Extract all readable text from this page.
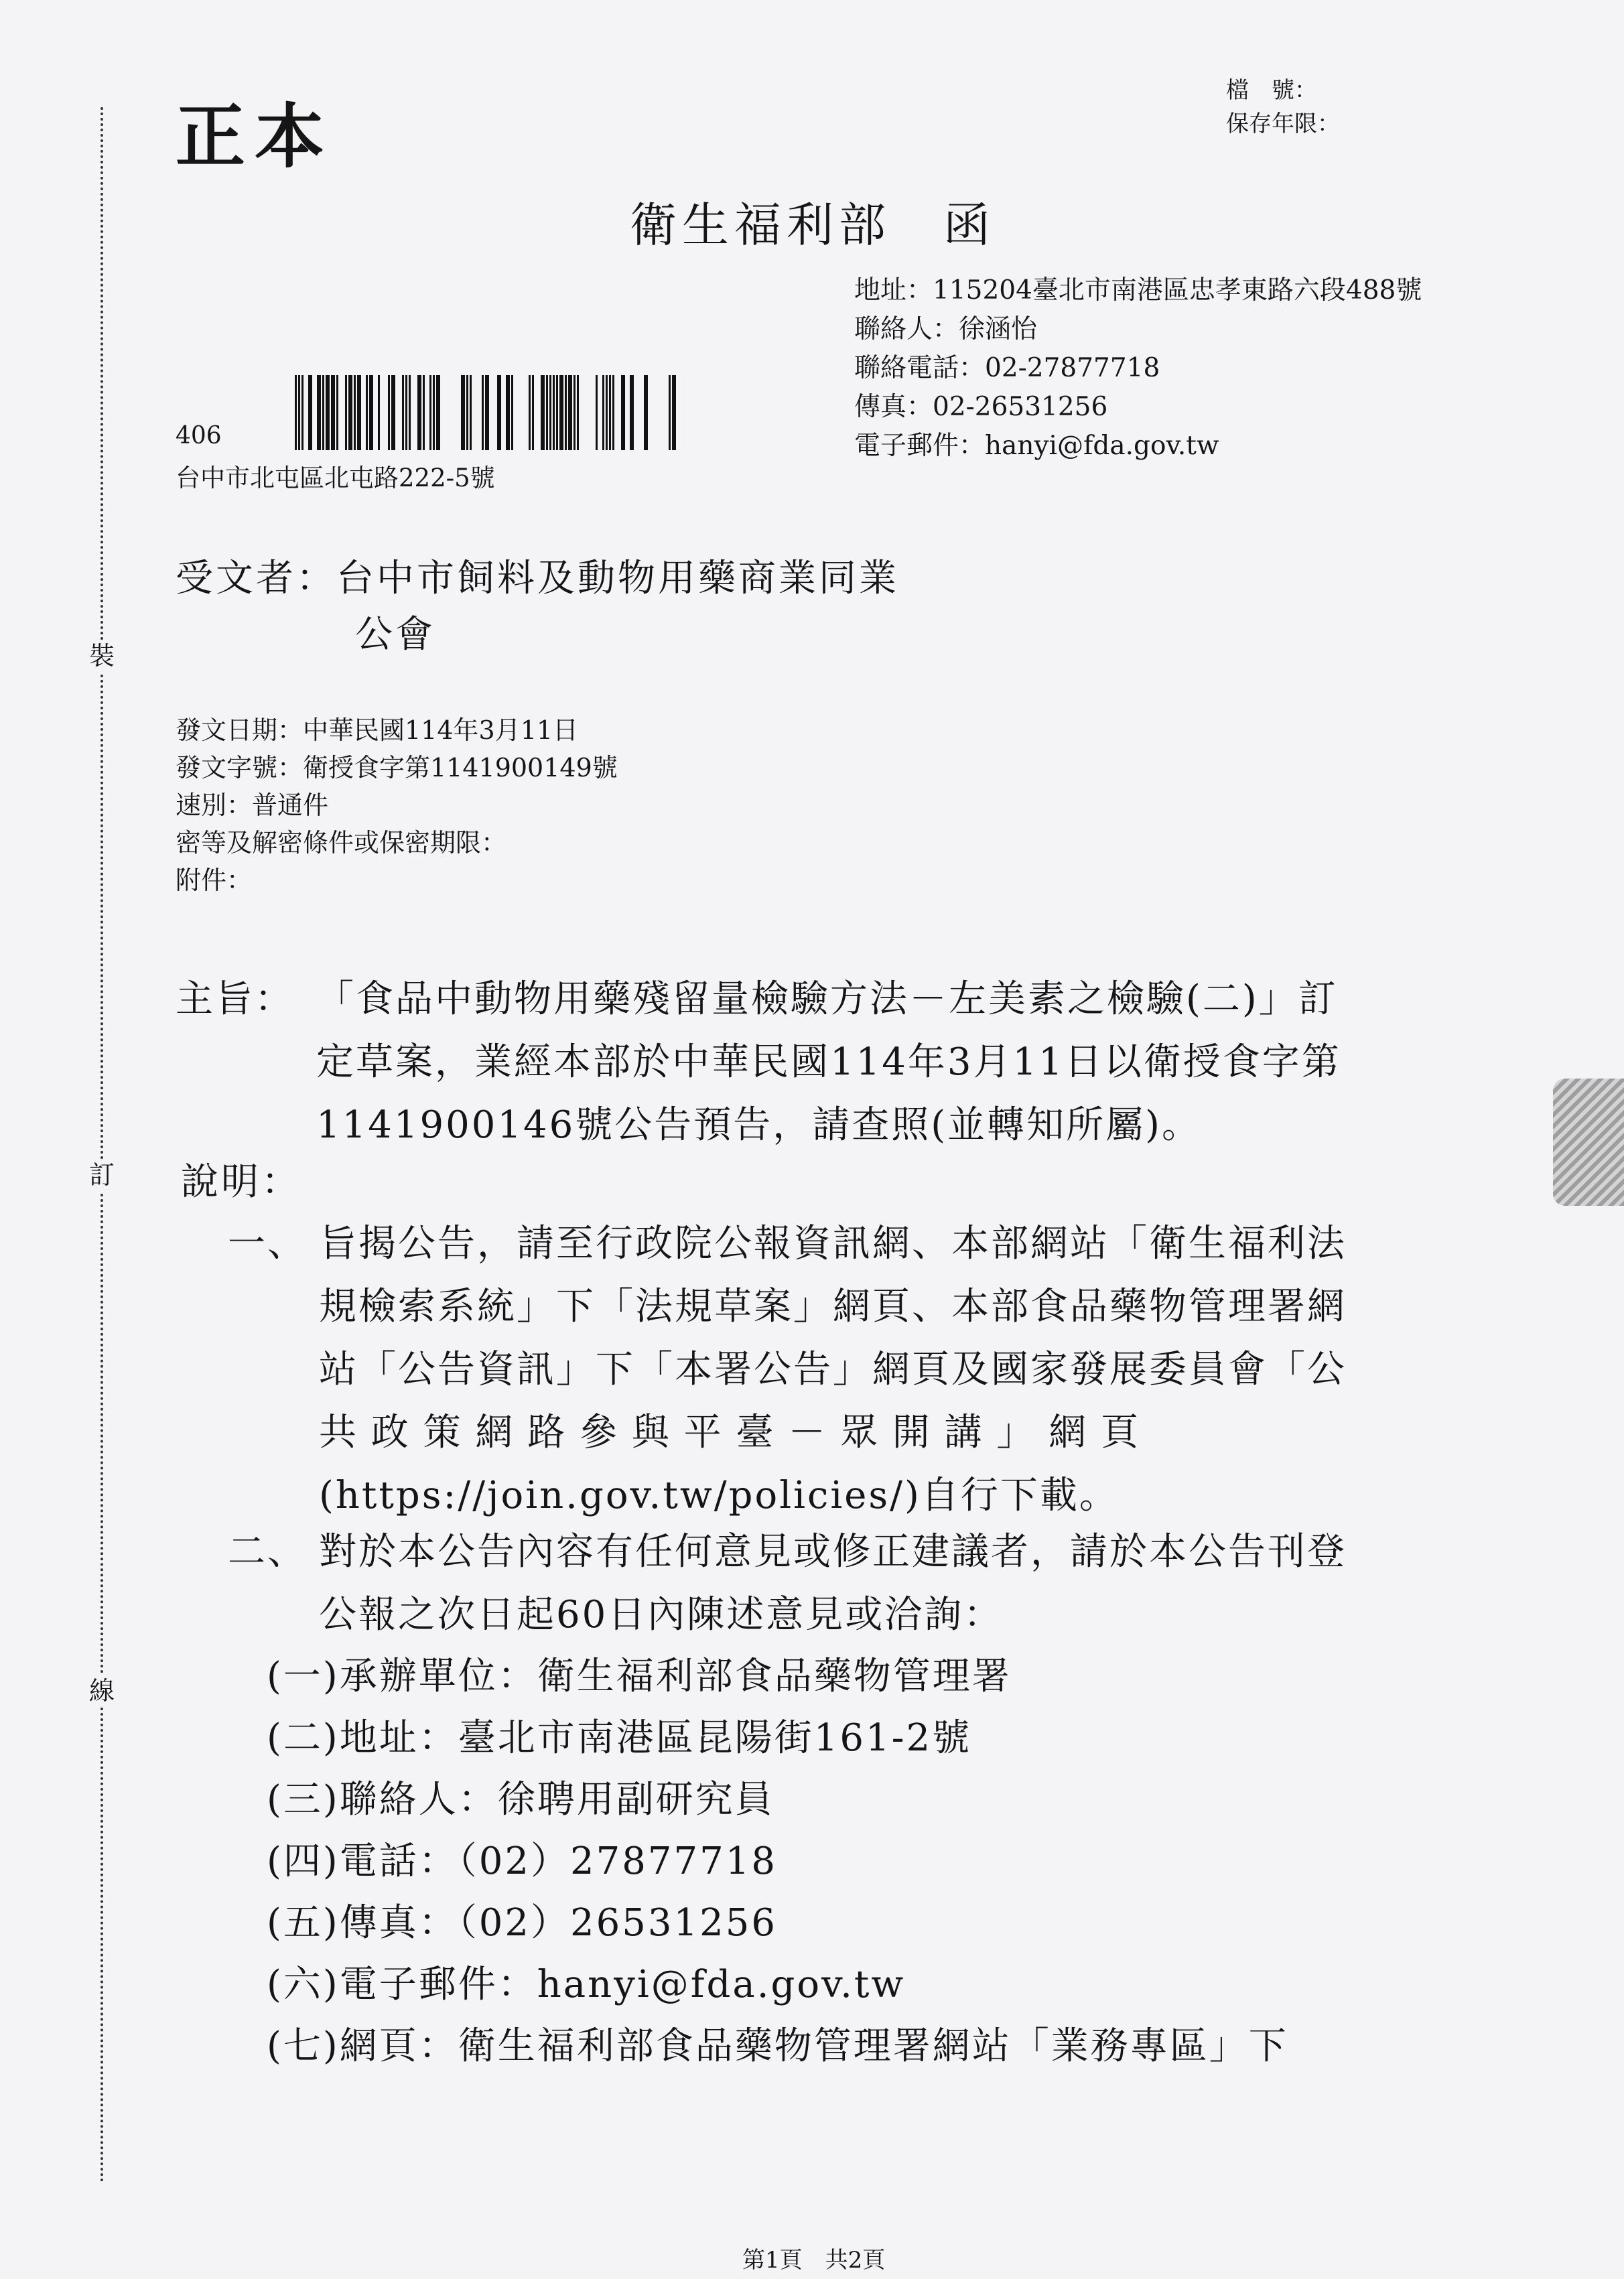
裝
訂
線
正本
檔　號：
保存年限：
衛生福利部　函
地址：115204臺北市南港區忠孝東路六段488號
聯絡人：徐涵怡
聯絡電話：02-27877718
傳真：02-26531256
電子郵件：hanyi@fda.gov.tw
406
台中市北屯區北屯路222-5號
受文者：台中市飼料及動物用藥商業同業
公會
發文日期：中華民國114年3月11日
發文字號：衛授食字第1141900149號
速別：普通件
密等及解密條件或保密期限：
附件：
主旨： 「食品中動物用藥殘留量檢驗方法－左美素之檢驗(二)」訂
定草案，業經本部於中華民國114年3月11日以衛授食字第
1141900146號公告預告，請查照(並轉知所屬)。
說明：
一、 旨揭公告，請至行政院公報資訊網、本部網站「衛生福利法
規檢索系統」下「法規草案」網頁、本部食品藥物管理署網
站「公告資訊」下「本署公告」網頁及國家發展委員會「公
共 政 策 網 路 參 與 平 臺 － 眾 開 講 」 網 頁
(https://join.gov.tw/policies/)自行下載。
二、 對於本公告內容有任何意見或修正建議者，請於本公告刊登
公報之次日起60日內陳述意見或洽詢：
(一)承辦單位：衛生福利部食品藥物管理署
(二)地址：臺北市南港區昆陽街161-2號
(三)聯絡人：徐聘用副研究員
(四)電話：（02）27877718
(五)傳真：（02）26531256
(六)電子郵件：hanyi@fda.gov.tw
(七)網頁：衛生福利部食品藥物管理署網站「業務專區」下
第1頁　共2頁
